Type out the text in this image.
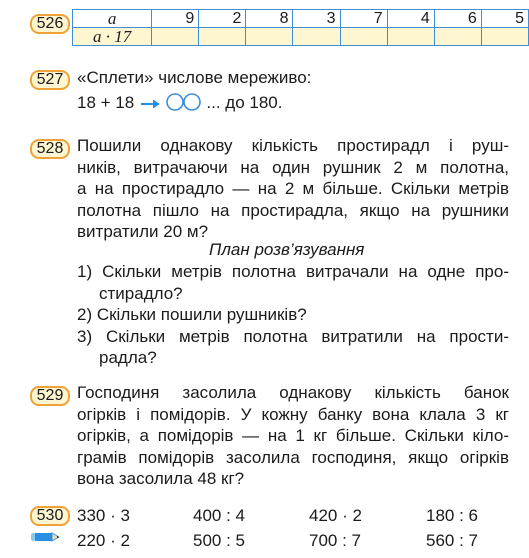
526	a	9	2	8	3	7	4	6	5
a · 17								
527 «Сплети» числове мереживо:
18 + 18	... до 180.
528 Пошили однакову кількість простирадл і руш-
ників, витрачаючи на один рушник 2 м полотна,
а на простирадло — на 2 м більше. Скільки метрів
полотна пішло на простирадла, якщо на рушники
витратили 20 м?
План розв’язування
1) Скільки метрів полотна витрачали на одне про-
стирадло?
2) Скільки пошили рушників?
3) Скільки метрів полотна витратили на прости-
радла?
529 Господиня засолила однакову кількість банок
огірків і помідорів. У кожну банку вона клала 3 кг
огірків, а помідорів — на 1 кг більше. Скільки кіло-
грамів помідорів засолила господиня, якщо огірків
вона засолила 48 кг?
530 330 · 3	400 : 4	420 · 2	180 : 6
220 · 2	500 : 5	700 : 7	560 : 7
